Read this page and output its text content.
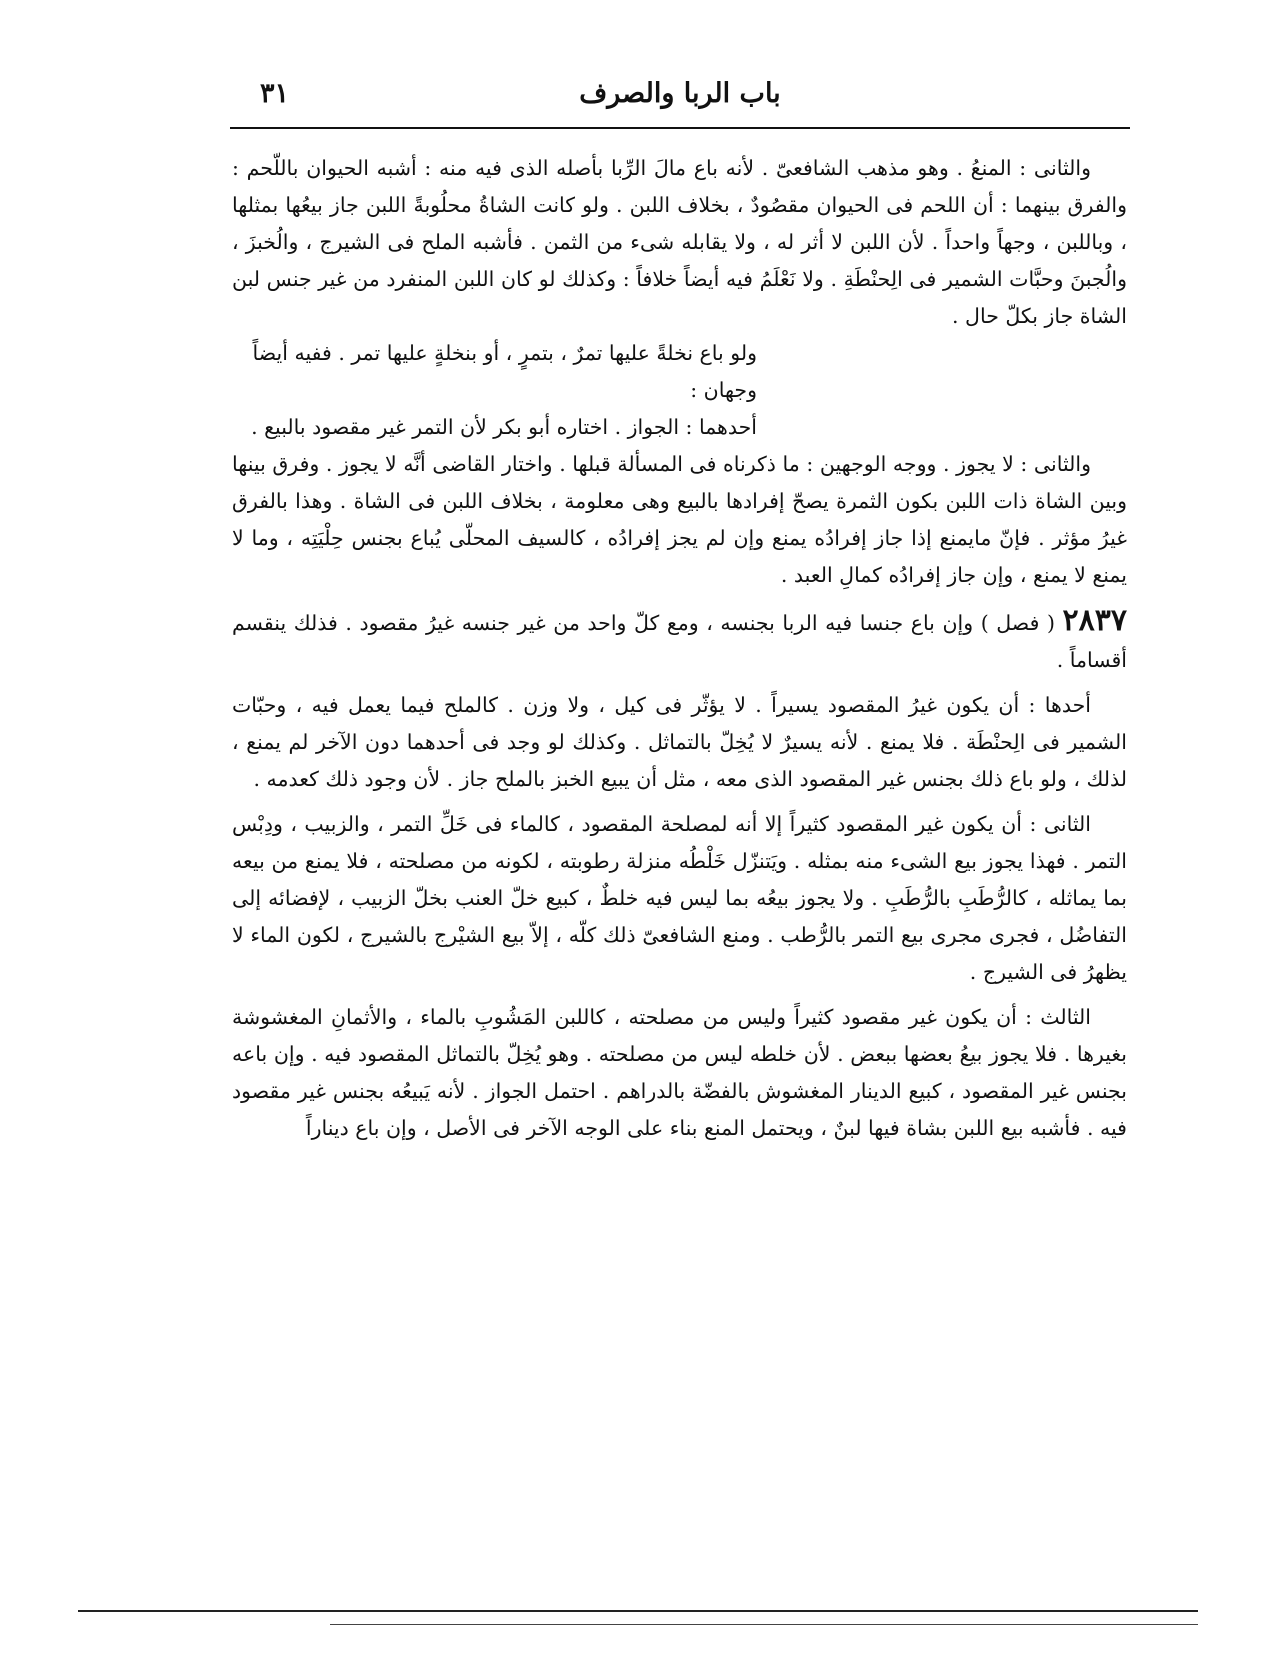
باب الربا والصرف
٣١

والثانى : المنعُ . وهو مذهب الشافعىّ . لأنه باع مالَ الرِّبا بأصله الذى فيه منه : أشبه الحيوان باللّحم : والفرق بينهما : أن اللحم فى الحيوان مقصُودٌ ، بخلاف اللبن . ولو كانت الشاةُ محلُوبةً اللبن جاز بيعُها بمثلها ، وباللبن ، وجهاً واحداً . لأن اللبن لا أثر له ، ولا يقابله شىء من الثمن . فأشبه الملح فى الشيرج ، والُخبزَ ، والُجبنَ وحبَّات الشمير فى الِحنْطَةِ . ولا نَعْلَمُ فيه أيضاً خلافاً : وكذلك لو كان اللبن المنفرد من غير جنس لبن الشاة جاز بكلّ حال .

ولو باع نخلةً عليها تمرٌ ، بتمرٍ ، أو بنخلةٍ عليها تمر . ففيه أيضاً وجهان :

أحدهما : الجواز . اختاره أبو بكر لأن التمر غير مقصود بالبيع .

والثانى : لا يجوز . ووجه الوجهين : ما ذكرناه فى المسألة قبلها . واختار القاضى أنَّه لا يجوز . وفرق بينها وبين الشاة ذات اللبن بكون الثمرة يصحّ إفرادها بالبيع وهى معلومة ، بخلاف اللبن فى الشاة . وهذا بالفرق غيرُ مؤثر . فإنّ مايمنع إذا جاز إفرادُه يمنع وإن لم يجز إفرادُه ، كالسيف المحلّى يُباع بجنس حِلْيَتِه ، وما لا يمنع لا يمنع ، وإن جاز إفرادُه كمالِ العبد .

٢٨٣٧ ( فصل ) وإن باع جنسا فيه الربا بجنسه ، ومع كلّ واحد من غير جنسه غيرُ مقصود . فذلك ينقسم أقساماً .

أحدها : أن يكون غيرُ المقصود يسيراً . لا يؤثّر فى كيل ، ولا وزن . كالملح فيما يعمل فيه ، وحبّات الشمير فى الِحنْطَة . فلا يمنع . لأنه يسيرٌ لا يُخِلّ بالتماثل . وكذلك لو وجد فى أحدهما دون الآخر لم يمنع ، لذلك ، ولو باع ذلك بجنس غير المقصود الذى معه ، مثل أن يبيع الخبز بالملح جاز . لأن وجود ذلك كعدمه .

الثانى : أن يكون غير المقصود كثيراً إلا أنه لمصلحة المقصود ، كالماء فى خَلِّ التمر ، والزبيب ، ودِبْس التمر . فهذا يجوز بيع الشىء منه بمثله . ويَتنزّل خَلْطُه منزلة رطوبته ، لكونه من مصلحته ، فلا يمنع من بيعه بما يماثله ، كالرُّطَبِ بالرُّطَبِ . ولا يجوز بيعُه بما ليس فيه خلطٌ ، كبيع خلّ العنب بخلّ الزبيب ، لإفضائه إلى التفاضُل ، فجرى مجرى بيع التمر بالرُّطب . ومنع الشافعىّ ذلك كلّه ، إلاّ بيع الشيْرج بالشيرج ، لكون الماء لا يظهرُ فى الشيرج .

الثالث : أن يكون غير مقصود كثيراً وليس من مصلحته ، كاللبن المَشُوبِ بالماء ، والأثمانِ المغشوشة بغيرها . فلا يجوز بيعُ بعضها ببعض . لأن خلطه ليس من مصلحته . وهو يُخِلّ بالتماثل المقصود فيه . وإن باعه بجنس غير المقصود ، كبيع الدينار المغشوش بالفضّة بالدراهم . احتمل الجواز . لأنه يَبيعُه بجنس غير مقصود فيه . فأشبه بيع اللبن بشاة فيها لبنٌ ، ويحتمل المنع بناء على الوجه الآخر فى الأصل ، وإن باع ديناراً
